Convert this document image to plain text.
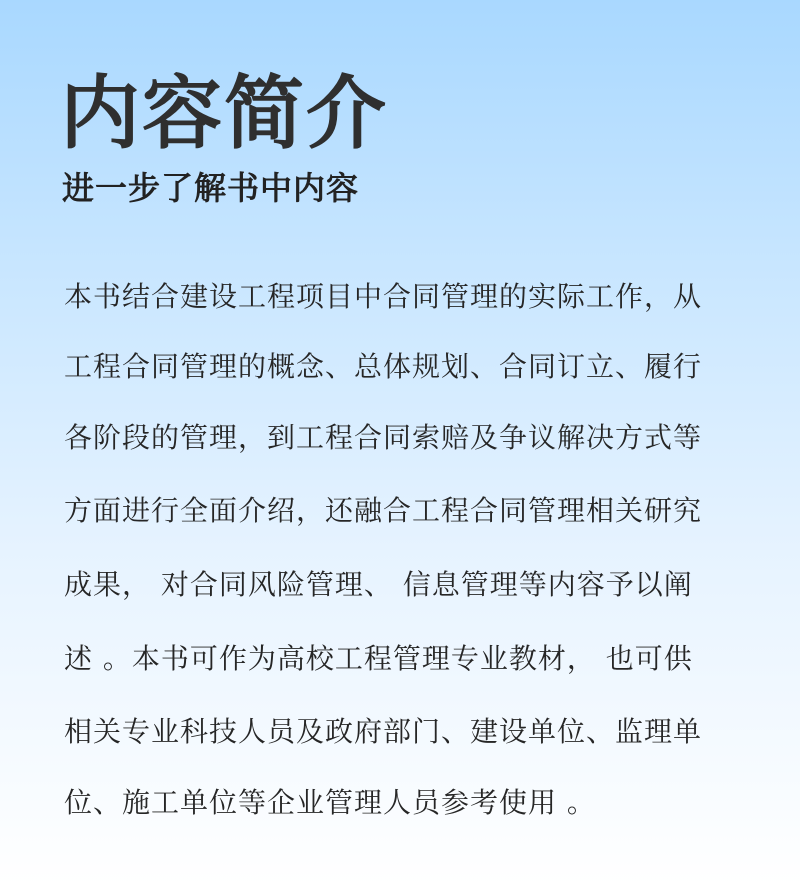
内容简介
进一步了解书中内容
本书结合建设工程项目中合同管理的实际工作，从
工程合同管理的概念、总体规划、合同订立、履行
各阶段的管理，到工程合同索赔及争议解决方式等
方面进行全面介绍，还融合工程合同管理相关研究
成果， 对合同风险管理、 信息管理等内容予以阐
述 。本书可作为高校工程管理专业教材， 也可供
相关专业科技人员及政府部门、建设单位、监理单
位、施工单位等企业管理人员参考使用 。
